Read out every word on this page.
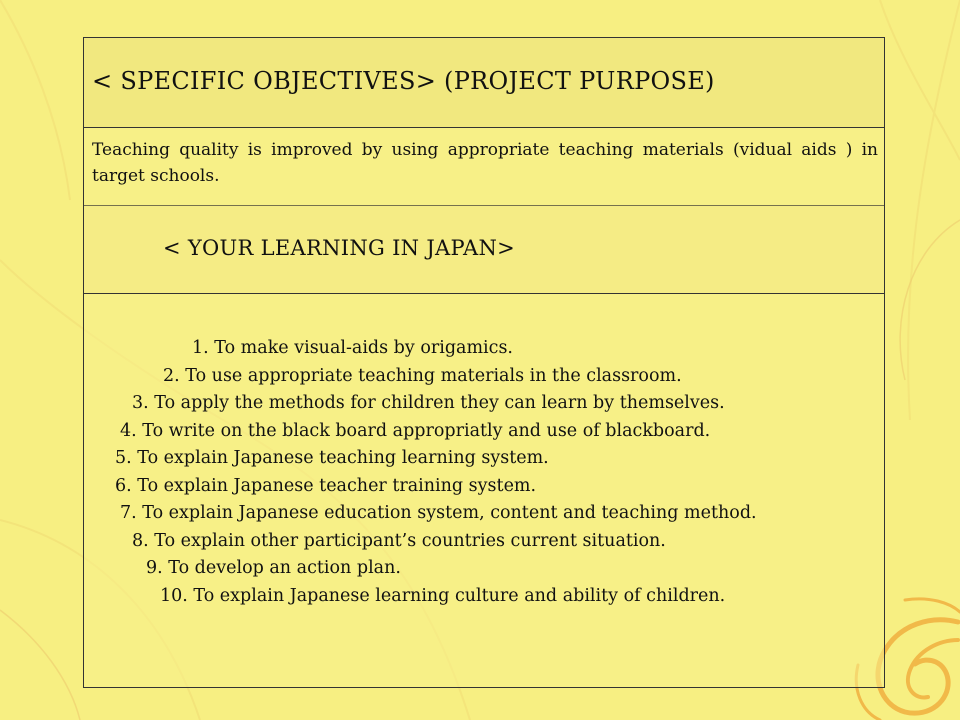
< SPECIFIC OBJECTIVES> (PROJECT PURPOSE)
Teaching quality is improved by using appropriate teaching materials (vidual aids ) in target schools.
< YOUR LEARNING IN JAPAN>
1. To make visual-aids by origamics.
2. To use appropriate teaching materials in the classroom.
3. To apply the methods for children they can learn by themselves.
4. To write on the black board appropriatly and use of blackboard.
5. To explain Japanese teaching learning system.
6. To explain Japanese teacher training system.
7. To explain Japanese education system, content and teaching method.
8. To explain other participant’s countries current situation.
9. To develop an action plan.
10. To explain Japanese learning culture and ability of children.
